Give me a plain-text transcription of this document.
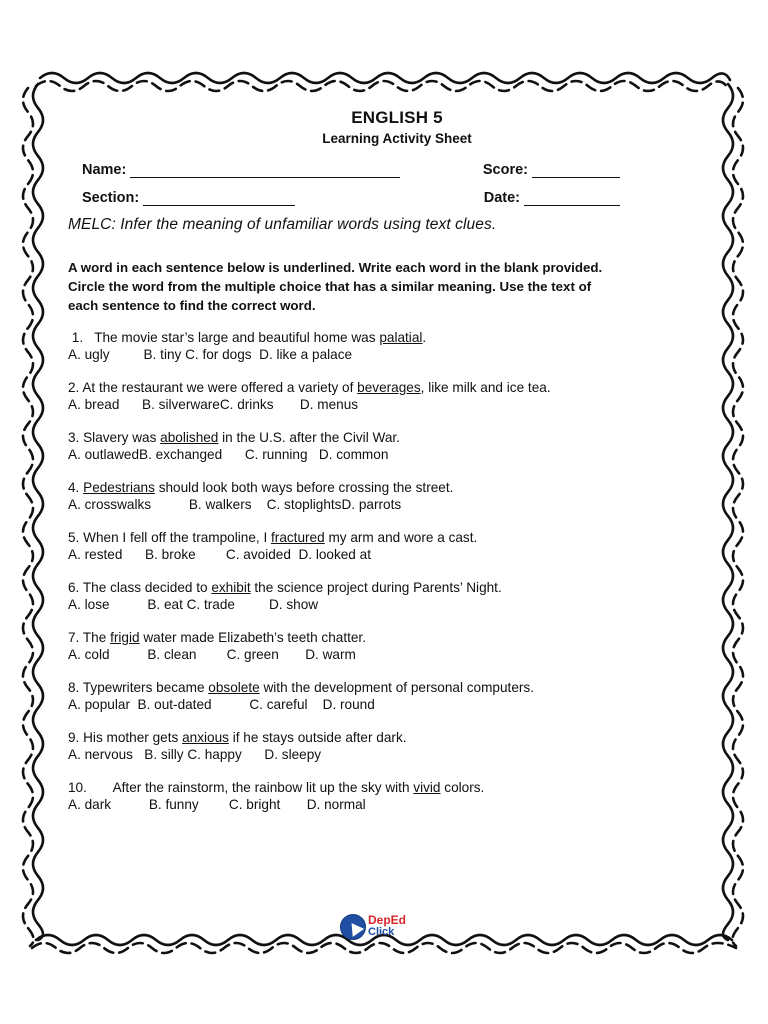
ENGLISH 5
Learning Activity Sheet
Name:	Score:
Section:	Date:
MELC: Infer the meaning of unfamiliar words using text clues.
A word in each sentence below is underlined. Write each word in the blank provided.
Circle the word from the multiple choice that has a similar meaning. Use the text of
each sentence to find the correct word.
1.   The movie star’s large and beautiful home was palatial.
A. ugly         B. tiny C. for dogs  D. like a palace
2. At the restaurant we were offered a variety of beverages, like milk and ice tea.
A. bread      B. silverwareC. drinks       D. menus
3. Slavery was abolished in the U.S. after the Civil War.
A. outlawedB. exchanged      C. running   D. common
4. Pedestrians should look both ways before crossing the street.
A. crosswalks          B. walkers    C. stoplightsD. parrots
5. When I fell off the trampoline, I fractured my arm and wore a cast.
A. rested      B. broke        C. avoided  D. looked at
6. The class decided to exhibit the science project during Parents’ Night.
A. lose          B. eat C. trade         D. show
7. The frigid water made Elizabeth’s teeth chatter.
A. cold          B. clean        C. green       D. warm
8. Typewriters became obsolete with the development of personal computers.
A. popular  B. out-dated          C. careful    D. round
9. His mother gets anxious if he stays outside after dark.
A. nervous   B. silly C. happy      D. sleepy
10.       After the rainstorm, the rainbow lit up the sky with vivid colors.
A. dark          B. funny        C. bright       D. normal
DepEd
Click
